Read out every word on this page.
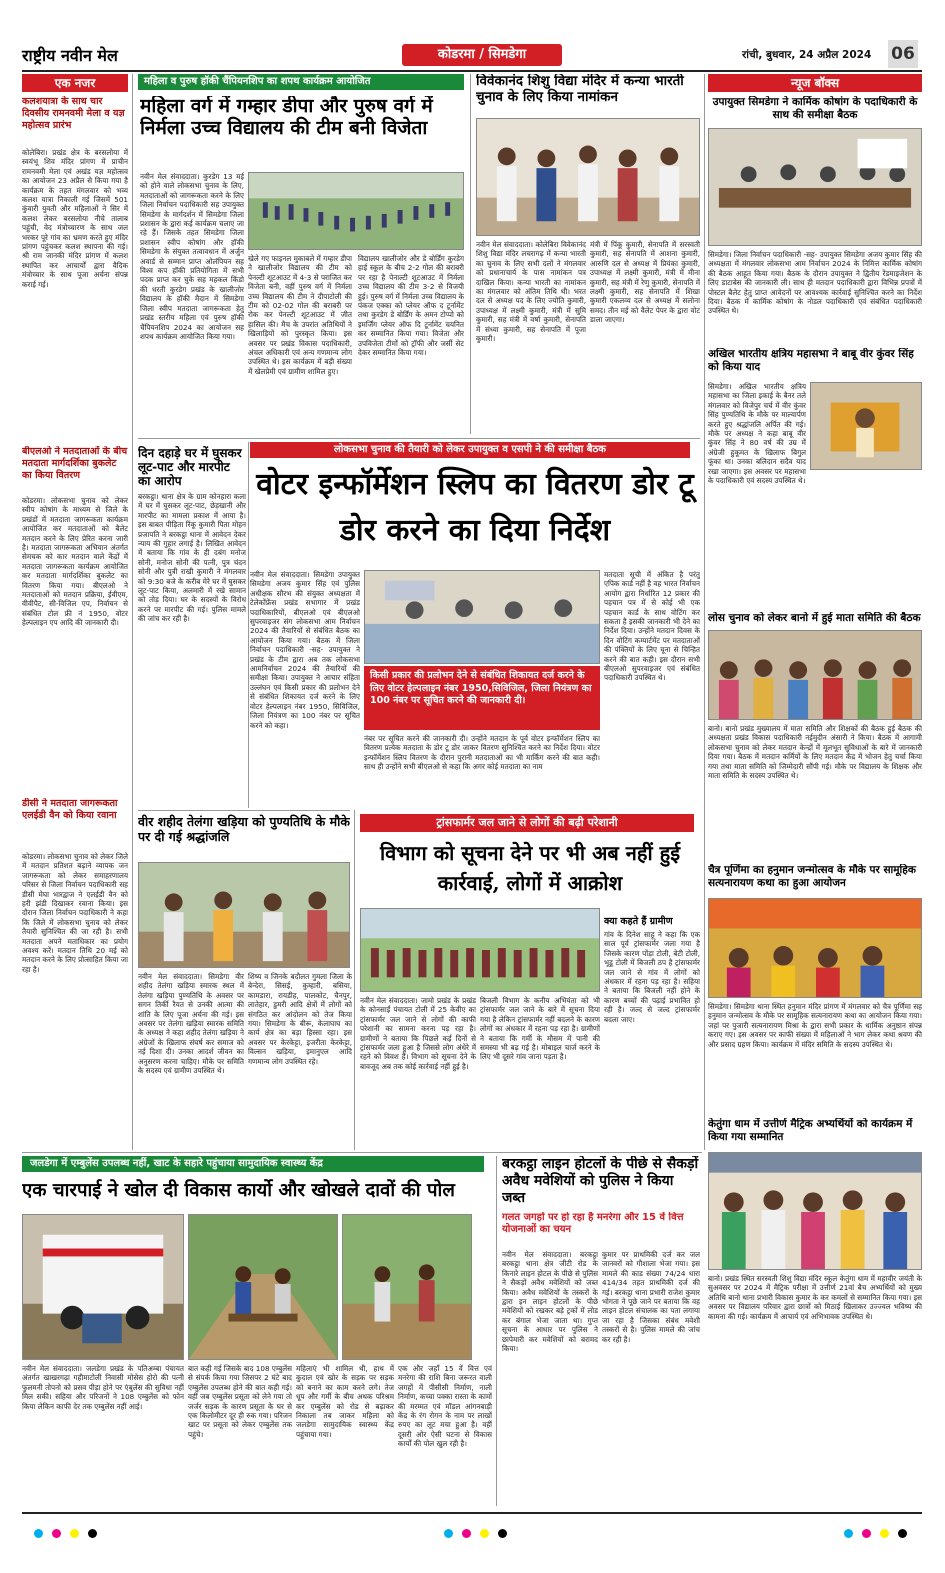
राष्ट्रीय नवीन मेल	कोडरमा / सिमडेगा	रांची, बुधवार, 24 अप्रैल 2024 06
एक नजर
कलशयात्रा के साथ चार दिवसीय रामनवमी मेला व यज्ञ महोत्सव प्रारंभ
कोलेबिरा। प्रखंड क्षेत्र के बरसलोया में स्वयंभू शिव मंदिर प्रांगण में प्राचीन रामनवमी मेला एवं अखंड यज्ञ महोत्सव का आयोजन 23 अप्रैल से किया गया है कार्यक्रम के तहत मंगलवार को भव्य कलश यात्रा निकाली गई जिसमें 501 कुंवारी युवती और महिलाओं ने सिर में कलश लेकर बरसलोया नीचे तालाब पहुंची, वेद मंत्रोच्चारण के साथ जल भरकर पूरे गांव का भ्रमण करते हुए मंदिर प्रांगण पहुंचकर कलश स्थापना की गई। श्री राम जानकी मंदिर प्रांगण में कलश स्थापित कर आचार्यों द्वारा वैदिक मंत्रोच्चार के साथ पूजा अर्चना संपन्न कराई गई।
बीएलओ ने मतदाताओं के बीच मतदाता मार्गदर्शिका बुकलेट का किया वितरण
कोडरमा। लोकसभा चुनाव को लेकर स्वीप कोषांग के माध्यम से जिले के प्रखंडों में मतदाता जागरूकता कार्यक्रम आयोजित कर मतदाताओं को बैलेट मतदान करने के लिए प्रेरित करना जारी है। मतदाता जागरूकता अभियान अंतर्गत सेमचक को कार मतदान वाले केंद्रों में मतदाता जागरूकता कार्यक्रम आयोजित कर मतदाता मार्गदर्शिका बुकलेट का वितरण किया गया। बीएलओ ने मतदाताओं को मतदान प्रक्रिया, ईवीएम, वीवीपैट, सी-विजिल एप, निर्वाचन से संबंधित टोल फ्री नं 1950, वोटर हेल्पलाइन एप आदि की जानकारी दी।
डीसी ने मतदाता जागरूकता एलईडी वैन को किया रवाना
कोडरमा। लोकसभा चुनाव को लेकर जिले में मतदान प्रतिशत बढ़ाने व्यापक जन जागरूकता को लेकर समाहरणालय परिसर से जिला निर्वाचन पदाधिकारी सह डीसी मेघा भारद्वाज ने एलईडी वैन को हरी झंडी दिखाकर रवाना किया। इस दौरान जिला निर्वाचन पदाधिकारी ने कहा कि जिले में लोकसभा चुनाव को लेकर तैयारी सुनिश्चित की जा रही है। सभी मतदाता अपने मताधिकार का प्रयोग अवश्य करें। मतदान तिथि 20 मई को मतदान करने के लिए प्रोत्साहित किया जा रहा है।
महिला व पुरुष हॉकी चैंपियनशिप का शपथ कार्यक्रम आयोजित
महिला वर्ग में गम्हार डीपा और पुरुष वर्ग में निर्मला उच्च विद्यालय की टीम बनी विजेता
नवीन मेल संवाददाता। कुरडेग 13 मई को होने वाले लोकसभा चुनाव के लिए, मतदाताओं को जागरूकता करने के लिए जिला निर्वाचन पदाधिकारी सह उपायुक्त सिमडेगा के मार्गदर्शन में सिमडेगा जिला प्रशासन के द्वारा कई कार्यक्रम चलाए जा रहे हैं। जिसके तहत सिमडेगा जिला प्रशासन स्वीप कोषांग और हॉकी सिमडेगा के संयुक्त तत्वावधान में अर्जुन अवार्ड से सम्मान प्राप्त ओलंपियन सह विश्व कप हॉकी प्रतियोगिता में सभी पदक प्राप्त कर चुके सह महकल किंडो की धरती कुरडेग प्रखंड के खालीजोर विद्यालय के हॉकी मैदान में सिमडेगा जिला स्वीप मतदाता जागरूकता हेतु प्रखंड स्तरीय महिला एवं पुरुष हॉकी चैंपियनशिप 2024 का आयोजन सह शपथ कार्यक्रम आयोजित किया गया।
खेले गए फाइनल मुकाबले में गम्हार डीपा ने खालीजोर विद्यालय की टीम को पेनल्टी शूटआउट में 4-3 से पराजित कर विजेता बनी, वहीं पुरुष वर्ग में निर्मला उच्च विद्यालय की टीम ने दीपाटोली की टीम को 02-02 गोल की बराबरी पर रोक कर पेनल्टी शूटआउट में जीत हासिल की। मैच के उपरांत अतिथियों ने खिलाड़ियों को पुरस्कृत किया। इस अवसर पर प्रखंड विकास पदाधिकारी, अंचल अधिकारी एवं अन्य गणमान्य लोग उपस्थित थे। इस कार्यक्रम में बड़ी संख्या में खेलप्रेमी एवं ग्रामीण शामिल हुए।
विद्यालय खालीजोर और डे बोर्डिंग कुरडेग हाई स्कूल के बीच 2-2 गोल की बराबरी पर रहा है पेनाल्टी शूटआउट में निर्मला उच्च विद्यालय की टीम 3-2 से विजयी हुई। पुरुष वर्ग में निर्मला उच्च विद्यालय के पंकज एक्का को प्लेयर ऑफ द टूर्नामेंट तथा कुरडेग डे बोर्डिंग के अमन टोप्पो को इमर्जिंग प्लेयर ऑफ दि टूर्नामेंट चयनित कर सम्मानित किया गया। विजेता और उपविजेता टीमों को ट्रॉफी और जर्सी सेट देकर सम्मानित किया गया।
विवेकानंद शिशु विद्या मंदिर में कन्या भारती चुनाव के लिए किया नामांकन
नवीन मेल संवाददाता। कोलेबिरा विवेकानंद शिशु विद्या मंदिर लचरागढ़ में कन्या भारती का चुनाव के लिए सभी दलों ने मंगलवार को प्रधानाचार्य के पास नामांकन पत्र दाखिल किया। कन्या भारती का नामांकन का मंगलवार को अंतिम तिथि थी। भरत दल से अध्यक्ष पद के लिए ज्योति कुमारी, उपाध्यक्ष में लक्ष्मी कुमारी, मंत्री में सुमि कुमारी, सह मंत्री में वर्षा कुमारी, सेनापति में संध्या कुमारी, सह सेनापति में पूजा कुमारी।
मंत्री में पिंकू कुमारी, सेनापति में सरस्वती कुमारी, सह सेनापति में आशना कुमारी, आरुणि दल से अध्यक्ष में प्रियंका कुमारी, उपाध्यक्ष में लक्ष्मी कुमारी, मंत्री में मीना कुमारी, सह मंत्री में रेणु कुमारी, सेनापति में लक्ष्मी कुमारी, सह सेनापति में शिखा कुमारी एकलव्य दल से अध्यक्ष में सलोना समद। तीन मई को वैलेट पेपर के द्वारा वोट डाला जाएगा।
न्यूज बॉक्स
उपायुक्त सिमडेगा ने कार्मिक कोषांग के पदाधिकारी के साथ की समीक्षा बैठक
सिमडेगा। जिला निर्वाचन पदाधिकारी -सह- उपायुक्त सिमडेगा अजय कुमार सिंह की अध्यक्षता में मंगलवार लोकसभा आम निर्वाचन 2024 के निमित्त कार्मिक कोषांग की बैठक आहूत किया गया। बैठक के दौरान उपायुक्त ने द्वितीय रेंडमाइजेशन के लिए डाटाबेस की जानकारी ली। साथ ही मतदान पदाधिकारी द्वारा विभिन्न प्रपत्रों में पोस्टल बैलेट हेतु प्राप्त आवेदनों पर आवश्यक कार्रवाई सुनिश्चित करने का निर्देश दिया। बैठक में कार्मिक कोषांग के नोडल पदाधिकारी एवं संबंधित पदाधिकारी उपस्थित थे।
अखिल भारतीय क्षत्रिय महासभा ने बाबू वीर कुंवर सिंह को किया याद
सिमडेगा। अखिल भारतीय क्षत्रिय महासभा का जिला इकाई के बैनर तले मंगलवार को विजेपुर चर्च में वीर कुंवर सिंह पुण्यतिथि के मौके पर माल्यार्पण करते हुए श्रद्धांजलि अर्पित की गई। मौके पर अध्यक्ष ने कहा बाबू वीर कुंवर सिंह ने 80 वर्ष की उम्र में अंग्रेजी हुकूमत के खिलाफ बिगुल फूंका था। उनका बलिदान सदैव याद रखा जाएगा। इस अवसर पर महासभा के पदाधिकारी एवं सदस्य उपस्थित थे।
लोस चुनाव को लेकर बानो में हुई माता समिति की बैठक
बानो। बानो प्रखंड मुख्यालय में माता समिति और शिक्षकों की बैठक हुई बैठक की अध्यक्षता प्रखंड विकास पदाधिकारी नईमुदीन अंसारी ने किया। बैठक में आगामी लोकसभा चुनाव को लेकर मतदान केन्द्रों में मूलभूत सुविधाओं के बारे में जानकारी दिया गया। बैठक में मतदान कर्मियों के लिए मतदान केंद्र में भोजन हेतु चर्चा किया गया तथा माता समिति को जिम्मेदारी सौंपी गई। मौके पर विद्यालय के शिक्षक और माता समिति के सदस्य उपस्थित थे।
चैत्र पूर्णिमा का हनुमान जन्मोत्सव के मौके पर सामूहिक सत्यनारायण कथा का हुआ आयोजन
सिमडेगा। सिमडेगा थाना स्थित हनुमान मंदिर प्रांगण में मंगलवार को चैत्र पूर्णिमा सह हनुमान जन्मोत्सव के मौके पर सामूहिक सत्यनारायण कथा का आयोजन किया गया। जहां पर पुजारी सत्यनारायण मिश्रा के द्वारा सभी प्रकार के धार्मिक अनुष्ठान संपन्न कराए गए। इस अवसर पर काफी संख्या में महिलाओं ने भाग लेकर कथा श्रवण की और प्रसाद ग्रहण किया। कार्यक्रम में मंदिर समिति के सदस्य उपस्थित थे।
केतुंगा धाम में उत्तीर्ण मैट्रिक अभ्यर्थियों को कार्यक्रम में किया गया सम्मानित
बानो। प्रखंड स्थित सरस्वती शिशु विद्या मंदिर स्कूल केतुंगा धाम में महावीर जयंती के सुअवसर पर 2024 में मैट्रिक परीक्षा में उत्तीर्ण 21वां बैच अभ्यर्थियों को मुख्य अतिथि बानो थाना प्रभारी विकास कुमार के कर कमलों से सम्मानित किया गया। इस अवसर पर विद्यालय परिवार द्वारा छात्रों को मिठाई खिलाकर उज्ज्वल भविष्य की कामना की गई। कार्यक्रम में आचार्य एवं अभिभावक उपस्थित थे।
लोकसभा चुनाव की तैयारी को लेकर उपायुक्त व एसपी ने की समीक्षा बैठक
वोटर इन्फॉर्मेशन स्लिप का वितरण डोर टू डोर करने का दिया निर्देश
नवीन मेल संवाददाता। सिमडेगा उपायुक्त सिमडेगा अजय कुमार सिंह एवं पुलिस अधीक्षक सौरभ की संयुक्त अध्यक्षता में टेलेकोंफ्रेंस प्रखंड सभागार में प्रखंड पदाधिकारियों, बीएलओ एवं बीएलओ सुपरवाइजर संग लोकसभा आम निर्वाचन 2024 की तैयारियों से संबंधित बैठक का आयोजन किया गया। बैठक में जिला निर्वाचन पदाधिकारी -सह- उपायुक्त ने प्रखंड के टीम द्वारा अब तक लोकसभा आमनिर्वाचन 2024 की तैयारियों की समीक्षा किया। उपायुक्त ने आचार संहिता उल्लंघन एवं किसी प्रकार की प्रलोभन देने से संबंधित शिकायत दर्ज करने के लिए वोटर हेल्पलाइन नंबर 1950, सिविजिल, जिला नियंत्रण का 100 नंबर पर सूचित करने को कहा।
किसी प्रकार की प्रलोभन देने से संबंधित शिकायत दर्ज करने के लिए वोटर हेल्पलाइन नंबर 1950,सिविजिल, जिला नियंत्रण का 100 नंबर पर सूचित करने की जानकारी दी।
नंबर पर सूचित करने की जानकारी दी। उन्होंने मतदान के पूर्व वोटर इन्फॉर्मेशन स्लिप का वितरण प्रत्येक मतदाता के डोर टू डोर जाकर वितरण सुनिश्चित करने का निर्देश दिया। वोटर इन्फॉर्मेशन स्लिप वितरण के दौरान पुरानी मतदाताओं का भी मार्किंग करने की बात कही। साथ ही उन्होंने सभी बीएलओ से कहा कि अगर कोई मतदाता का नाम
मतदाता सूची में अंकित है परंतु एपिक कार्ड नहीं है वह भारत निर्वाचन आयोग द्वारा निर्धारित 12 प्रकार की पहचान पत्र में से कोई भी एक पहचान कार्ड के साथ वोटिंग कर सकता है इसकी जानकारी भी देने का निर्देश दिया। उन्होंने मतदान दिवस के दिन वोटिंग कम्पार्टमेंट पर मतदाताओं की पंक्तियों के लिए चूना से चिन्हित करने की बात कही। इस दौरान सभी बीएलओ सुपरवाइजर एवं संबंधित पदाधिकारी उपस्थित थे।
दिन दहाड़े घर में घुसकर लूट-पाट और मारपीट का आरोप
बरकट्ठा। थाना क्षेत्र के ग्राम कोनहारा कला में घर में घुसकर लूट-पाट, छेड़खानी और मारपीट का मामला प्रकाश में आया है। इस बाबत पीड़िता रिंकू कुमारी पिता मोहन प्रजापति ने बरकट्ठा थाना में आवेदन देकर न्याय की गुहार लगाई है। लिखित आवेदन में बताया कि गांव के ही दबंग मनोज सोनी, मनोज सोनी की पत्नी, पुत्र चंदन सोनी और पुत्री राखी कुमारी ने मंगलवार को 9:30 बजे के करीब मेरे घर में घुसकर लूट-पाट किया, अलमारी में रखे सामान को तोड़ दिया। घर के सदस्यों के विरोध करने पर मारपीट की गई। पुलिस मामले की जांच कर रही है।
वीर शहीद तेलंगा खड़िया को पुण्यतिथि के मौके पर दी गई श्रद्धांजलि
नवीन मेल संवाददाता। सिमडेगा वीर शहीद तेलंगा खड़िया स्मारक स्थल में तेलंगा खड़िया पुण्यतिथि के अवसर पर सगन तिर्की रैयत से उनकी आत्मा की शांति के लिए पूजा अर्चना की गई। इस अवसर पर तेलंगा खड़िया स्मारक समिति के अध्यक्ष ने कहा शहीद तेलंगा खड़िया ने अंग्रेजों के खिलाफ संघर्ष कर समाज को नई दिशा दी। उनका आदर्श जीवन का अनुसरण करना चाहिए। मौके पर समिति के सदस्य एवं ग्रामीण उपस्थित थे।
शिष्य व जिनके बदौलत गुमला जिला के बेन्देरा, सिसई, कुम्हारी, बसिया, कामडारा, रायडीह, पालकोट, चैनपुर, लातेहार, डुमरी आदि क्षेत्रों में लोगों को संगठित कर आंदोलन को तेज किया गया। सिमडेगा के बीरू, केलाघाघ का कार्य क्षेत्र का बड़ा हिस्सा रहा। इस अवसर पर केरकेट्टा, इजरीता केरकेट्टा, विल्सन खड़िया, इमानुएल आदि गणमान्य लोग उपस्थित रहे।
ट्रांसफार्मर जल जाने से लोगों की बढ़ी परेशानी
विभाग को सूचना देने पर भी अब नहीं हुई कार्रवाई, लोगों में आक्रोश
क्या कहते हैं ग्रामीण
गांव के दिनेश साहू ने कहा कि एक साल पूर्व ट्रांसफार्मर जला गया है जिसके कारण पोंड़ा टोली, बेटी टोली, भूडू टोली में बिजली ठप है ट्रांसफार्मर जल जाने से गांव में लोगों को अंधकार में रहना पड़ रहा है। सहिया ने बताया कि बिजली नहीं होने के कारण बच्चों की पढ़ाई प्रभावित हो रही है। जल्द से जल्द ट्रांसफार्मर बदला जाए।
नवीन मेल संवाददाता। जामो प्रखंड के प्रखंड के कोनसाईं पंचायत टोली में 25 केवीए का ट्रांसफार्मर जल जाने से लोगों की काफी परेशानी का सामना करना पड़ रहा है। ग्रामीणों ने बताया कि पिछले कई दिनों से ट्रांसफार्मर जला हुआ है जिससे लोग अंधेरे में रहने को विवश हैं। विभाग को सूचना देने के बावजूद अब तक कोई कार्रवाई नहीं हुई है।
बिजली विभाग के कनीय अभियंता को भी ट्रांसफार्मर जल जाने के बारे में सूचना दिया गया है लेकिन ट्रांसफार्मर नहीं बदलने के कारण लोगों का अंधकार में रहना पड़ रहा है। ग्रामीणों ने बताया कि गर्मी के मौसम में पानी की समस्या भी बढ़ गई है। मोबाइल चार्ज करने के लिए भी दूसरे गांव जाना पड़ता है।
जलडेगा में एम्बुलेंस उपलब्ध नहीं, खाट के सहारे पहुंचाया सामुदायिक स्वास्थ्य केंद्र
एक चारपाई ने खोल दी विकास कार्यो और खोखले दावों की पोल
नवीन मेल संवाददाता। जलडेगा प्रखंड के पतिअम्बा पंचायत अंतर्गत खाखरगढ़ा गहीमाटोली निवासी मोसेस होरो की पत्नी फुलमनी तोपनो को प्रसव पीड़ा होने पर एंबुलेंस की सुविधा नहीं मिल सकी। सहिया और परिजनों ने 108 एम्बुलेंस को फोन किया लेकिन काफी देर तक एम्बुलेंस नहीं आई।
बात कही गई जिसके बाद 108 एम्बुलेंस से संपर्क किया गया जिसपर 2 घंटे बाद एम्बुलेंस उपलब्ध होने की बात कही गई। वहीं जब एम्बुलेंस प्रसूता को लेने गया तो जर्जर सड़क के कारण प्रसूता के घर से एक किलोमीटर दूर ही रुक गया। परिजन खाट पर प्रसूता को लेकर एम्बुलेंस तक पहुंचे।
महिलाएं भी शामिल थी, हाथ में कुदाल एवं खोर के सड़क पर सड़क को बनाने का काम करने लगे। तेज धूप और गर्मी के बीच अथक परिश्रम कर एम्बुलेंस को रोड से बढ़ाकर निकाला तब जाकर महिला को जलडेगा सामुदायिक स्वास्थ्य केंद्र पहुंचाया गया।
एक और जहाँ 15 वें वित्त एवं मनरेगा की राशि बिना जरूरत वाली जगहों में पीसीसी निर्माण, नाली निर्माण, कच्चा पक्का रास्ता के कामों की मरम्मत एवं मॉडल आंगनबाड़ी केंद्र के रंग रोगन के नाम पर लाखों रुपए का लूट मचा हुआ है। वहीं दूसरी ओर ऐसी घटना से विकास कार्यों की पोल खुल रही है।
बरकट्ठा लाइन होटलों के पीछे से सैकड़ों अवैध मवेशियों को पुलिस ने किया जब्त
गलत जगहों पर हो रहा है मनरेगा और 15 वें वित्त योजनाओं का चयन
नवीन मेल संवाददाता। बरकट्ठा बरकट्ठा थाना क्षेत्र जीटी रोड के किनारे लाइन होटल के पीछे से पुलिस ने सैकड़ों अवैध मवेशियों को जब्त किया। अवैध मवेशियों के तस्करों के द्वारा इन लाइन होटलों के पीछे मवेशियों को रखकर बड़े ट्रकों में लोड कर बंगाल भेजा जाता था। गुप्त सूचना के आधार पर पुलिस ने छापेमारी कर मवेशियों को बरामद किया।
कुमार पर प्राथमिकी दर्ज कर जल जानवरों को गौशाला भेजा गया। इस मामले की काड संख्या 74/24 धारा 414/34 तहत प्राथमिकी दर्ज की गई। बरकट्ठा थाना प्रभारी राजेश कुमार भोगता ने पूछे जाने पर बताया कि वह लाइन होटल संचालक का पता लगाया जा रहा है जिसका संबंध मवेशी तस्करों से है। पुलिस मामले की जांच कर रही है।
